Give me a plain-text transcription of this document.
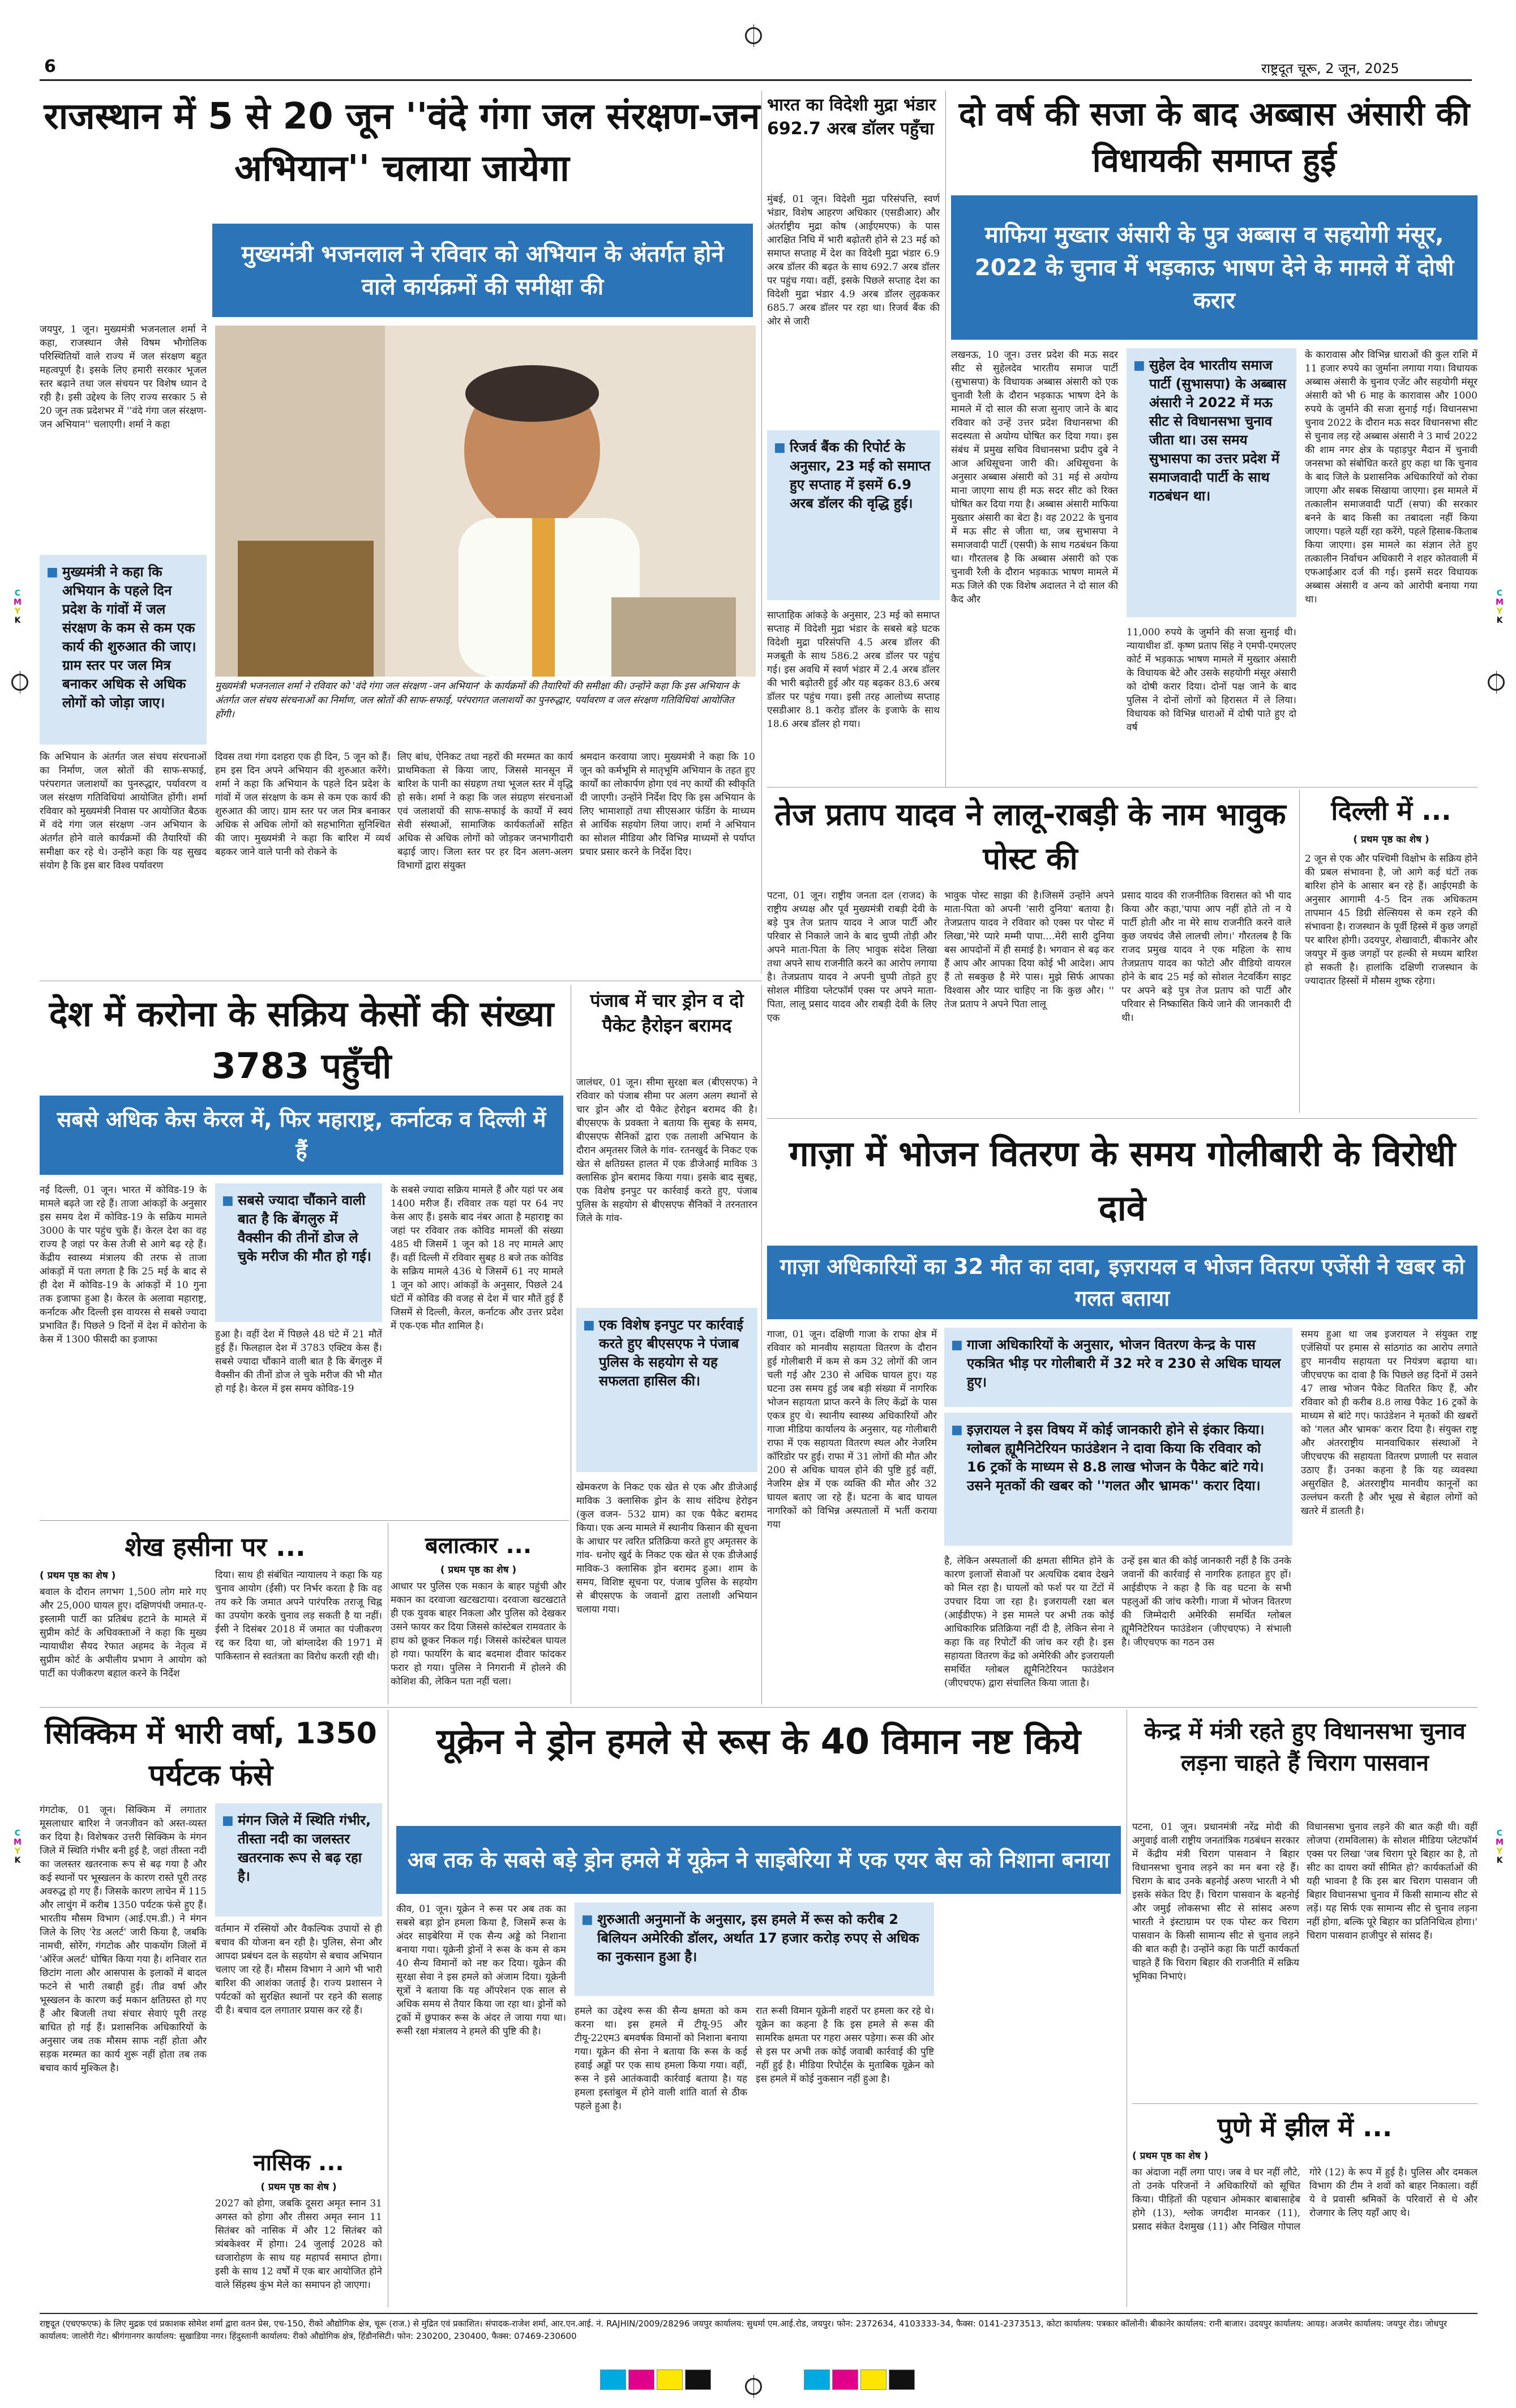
6	राष्ट्रदूत चूरू, 2 जून, 2025
C
M
Y
K
C
M
Y
K
C
M
Y
K
C
M
Y
K
राजस्थान में 5 से 20 जून ''वंदे गंगा जल संरक्षण-जन अभियान'' चलाया जायेगा
मुख्यमंत्री भजनलाल ने रविवार को अभियान के अंतर्गत होने वाले कार्यक्रमों की समीक्षा की
जयपुर, 1 जून। मुख्यमंत्री भजनलाल शर्मा ने कहा, राजस्थान जैसे विषम भौगोलिक परिस्थितियों वाले राज्य में जल संरक्षण बहुत महत्वपूर्ण है। इसके लिए हमारी सरकार भूजल स्तर बढ़ाने तथा जल संचयन पर विशेष ध्यान दे रही है। इसी उद्देश्य के लिए राज्य सरकार 5 से 20 जून तक प्रदेशभर में ''वंदे गंगा जल संरक्षण-जन अभियान'' चलाएगी। शर्मा ने कहा
■ मुख्यमंत्री ने कहा कि अभियान के पहले दिन प्रदेश के गांवों में जल संरक्षण के कम से कम एक कार्य की शुरुआत की जाए। ग्राम स्तर पर जल मित्र बनाकर अधिक से अधिक लोगों को जोड़ा जाए।
मुख्यमंत्री भजनलाल शर्मा ने रविवार को 'वंदे गंगा जल संरक्षण -जन अभियान' के कार्यक्रमों की तैयारियों की समीक्षा की। उन्होंने कहा कि इस अभियान के अंतर्गत जल संचय संरचनाओं का निर्माण, जल स्रोतों की साफ-सफाई, परंपरागत जलाशयों का पुनरुद्धार, पर्यावरण व जल संरक्षण गतिविधियां आयोजित होंगी।
कि अभियान के अंतर्गत जल संचय संरचनाओं का निर्माण, जल स्रोतों की साफ-सफाई, परंपरागत जलाशयों का पुनरुद्धार, पर्यावरण व जल संरक्षण गतिविधियां आयोजित होंगी। शर्मा रविवार को मुख्यमंत्री निवास पर आयोजित बैठक में वंदे गंगा जल संरक्षण -जन अभियान के अंतर्गत होने वाले कार्यक्रमों की तैयारियों की समीक्षा कर रहे थे। उन्होंने कहा कि यह सुखद संयोग है कि इस बार विश्व पर्यावरण
दिवस तथा गंगा दशहरा एक ही दिन, 5 जून को हैं। हम इस दिन अपने अभियान की शुरुआत करेंगे। शर्मा ने कहा कि अभियान के पहले दिन प्रदेश के गांवों में जल संरक्षण के कम से कम एक कार्य की शुरुआत की जाए। ग्राम स्तर पर जल मित्र बनाकर अधिक से अधिक लोगों को सहभागिता सुनिश्चित की जाए। मुख्यमंत्री ने कहा कि बारिश में व्यर्थ बहकर जाने वाले पानी को रोकने के
लिए बांध, ऐनिकट तथा नहरों की मरम्मत का कार्य प्राथमिकता से किया जाए, जिससे मानसून में बारिश के पानी का संग्रहण तथा भूजल स्तर में वृद्धि हो सके। शर्मा ने कहा कि जल संग्रहण संरचनाओं एवं जलाशयों की साफ-सफाई के कार्यों में स्वयं सेवी संस्थाओं, सामाजिक कार्यकर्ताओं सहित अधिक से अधिक लोगों को जोड़कर जनभागीदारी बढ़ाई जाए। जिला स्तर पर हर दिन अलग-अलग विभागों द्वारा संयुक्त
श्रमदान करवाया जाए। मुख्यमंत्री ने कहा कि 10 जून को कर्मभूमि से मातृभूमि अभियान के तहत हुए कार्यों का लोकार्पण होगा एवं नए कार्यों की स्वीकृति दी जाएगी। उन्होंने निर्देश दिए कि इस अभियान के लिए भामाशाहों तथा सीएसआर फंडिंग के माध्यम से आर्थिक सहयोग लिया जाए। शर्मा ने अभियान का सोशल मीडिया और विभिन्न माध्यमों से पर्याप्त प्रचार प्रसार करने के निर्देश दिए।
भारत का विदेशी मुद्रा भंडार 692.7 अरब डॉलर पहुँचा
मुंबई, 01 जून। विदेशी मुद्रा परिसंपत्ति, स्वर्ण भंडार, विशेष आहरण अधिकार (एसडीआर) और अंतर्राष्ट्रीय मुद्रा कोष (आईएमएफ) के पास आरक्षित निधि में भारी बढ़ोतरी होने से 23 मई को समाप्त सप्ताह में देश का विदेशी मुद्रा भंडार 6.9 अरब डॉलर की बढ़त के साथ 692.7 अरब डॉलर पर पहुंच गया। वहीं, इसके पिछले सप्ताह देश का विदेशी मुद्रा भंडार 4.9 अरब डॉलर लुढ़ककर 685.7 अरब डॉलर पर रहा था। रिजर्व बैंक की ओर से जारी
■ रिजर्व बैंक की रिपोर्ट के अनुसार, 23 मई को समाप्त हुए सप्ताह में इसमें 6.9 अरब डॉलर की वृद्धि हुई।
साप्ताहिक आंकड़े के अनुसार, 23 मई को समाप्त सप्ताह में विदेशी मुद्रा भंडार के सबसे बड़े घटक विदेशी मुद्रा परिसंपत्ति 4.5 अरब डॉलर की मजबूती के साथ 586.2 अरब डॉलर पर पहुंच गई। इस अवधि में स्वर्ण भंडार में 2.4 अरब डॉलर की भारी बढ़ोतरी हुई और यह बढ़कर 83.6 अरब डॉलर पर पहुंच गया। इसी तरह आलोच्य सप्ताह एसडीआर 8.1 करोड़ डॉलर के इजाफे के साथ 18.6 अरब डॉलर हो गया।
दो वर्ष की सजा के बाद अब्बास अंसारी की विधायकी समाप्त हुई
माफिया मुख्तार अंसारी के पुत्र अब्बास व सहयोगी मंसूर, 2022 के चुनाव में भड़काऊ भाषण देने के मामले में दोषी करार
लखनऊ, 10 जून। उत्तर प्रदेश की मऊ सदर सीट से सुहेलदेव भारतीय समाज पार्टी (सुभासपा) के विधायक अब्बास अंसारी को एक चुनावी रैली के दौरान भड़काऊ भाषण देने के मामले में दो साल की सजा सुनाए जाने के बाद रविवार को उन्हें उत्तर प्रदेश विधानसभा की सदस्यता से अयोग्य घोषित कर दिया गया। इस संबंध में प्रमुख सचिव विधानसभा प्रदीप दुबे ने आज अधिसूचना जारी की। अधिसूचना के अनुसार अब्बास अंसारी को 31 मई से अयोग्य माना जाएगा साथ ही मऊ सदर सीट को रिक्त घोषित कर दिया गया है। अब्बास अंसारी माफिया मुख्तार अंसारी का बेटा है। वह 2022 के चुनाव में मऊ सीट से जीता था, जब सुभासपा ने समाजवादी पार्टी (एसपी) के साथ गठबंधन किया था। गौरतलब है कि अब्बास अंसारी को एक चुनावी रैली के दौरान भड़काऊ भाषण मामले में मऊ जिले की एक विशेष अदालत ने दो साल की कैद और
■ सुहेल देव भारतीय समाज पार्टी (सुभासपा) के अब्बास अंसारी ने 2022 में मऊ सीट से विधानसभा चुनाव जीता था। उस समय सुभासपा का उत्तर प्रदेश में समाजवादी पार्टी के साथ गठबंधन था।
11,000 रुपये के जुर्माने की सजा सुनाई थी। न्यायाधीश डॉ. कृष्ण प्रताप सिंह ने एमपी-एमएलए कोर्ट में भड़काऊ भाषण मामले में मुख्तार अंसारी के विधायक बेटे और उसके सहयोगी मंसूर अंसारी को दोषी करार दिया। दोनों पक्ष जाने के बाद पुलिस ने दोनों लोगों को हिरासत में ले लिया। विधायक को विभिन्न धाराओं में दोषी पाते हुए दो वर्ष
के कारावास और विभिन्न धाराओं की कुल राशि में 11 हजार रुपये का जुर्माना लगाया गया। विधायक अब्बास अंसारी के चुनाव एजेंट और सहयोगी मंसूर अंसारी को भी 6 माह के कारावास और 1000 रुपये के जुर्माने की सजा सुनाई गई। विधानसभा चुनाव 2022 के दौरान मऊ सदर विधानसभा सीट से चुनाव लड़ रहे अब्बास अंसारी ने 3 मार्च 2022 की शाम नगर क्षेत्र के पहाड़पुर मैदान में चुनावी जनसभा को संबोधित करते हुए कहा था कि चुनाव के बाद जिले के प्रशासनिक अधिकारियों को रोका जाएगा और सबक सिखाया जाएगा। इस मामले में तत्कालीन समाजवादी पार्टी (सपा) की सरकार बनने के बाद किसी का तबादला नहीं किया जाएगा। पहले यहीं रहा करेंगे, पहले हिसाब-किताब किया जाएगा। इस मामले का संज्ञान लेते हुए तत्कालीन निर्वाचन अधिकारी ने शहर कोतवाली में एफआईआर दर्ज की गई। इसमें सदर विधायक अब्बास अंसारी व अन्य को आरोपी बनाया गया था।
तेज प्रताप यादव ने लालू-राबड़ी के नाम भावुक पोस्ट की
पटना, 01 जून। राष्ट्रीय जनता दल (राजद) के राष्ट्रीय अध्यक्ष और पूर्व मुख्यमंत्री राबड़ी देवी के बड़े पुत्र तेज प्रताप यादव ने आज पार्टी और परिवार से निकाले जाने के बाद चुप्पी तोड़ी और अपने माता-पिता के लिए भावुक संदेश लिखा तथा अपने साथ राजनीति करने का आरोप लगाया है। तेजप्रताप यादव ने अपनी चुप्पी तोड़ते हुए सोशल मीडिया प्लेटफॉर्म एक्स पर अपने माता-पिता, लालू प्रसाद यादव और राबड़ी देवी के लिए एक
भावुक पोस्ट साझा की है।जिसमें उन्होंने अपने माता-पिता को अपनी 'सारी दुनिया' बताया है। तेजप्रताप यादव ने रविवार को एक्स पर पोस्ट में लिखा,'मेरे प्यारे मम्मी पापा....मेरी सारी दुनिया बस आपदोनों में ही समाई है। भगवान से बढ़ कर हैं आप और आपका दिया कोई भी आदेश। आप हैं तो सबकुछ है मेरे पास। मुझे सिर्फ आपका विश्वास और प्यार चाहिए ना कि कुछ और। '' तेज प्रताप ने अपने पिता लालू
प्रसाद यादव की राजनीतिक विरासत को भी याद किया और कहा,'पापा आप नहीं होते तो न ये पार्टी होती और ना मेरे साथ राजनीति करने वाले कुछ जयचंद जैसे लालची लोग।' गौरतलब है कि राजद प्रमुख यादव ने एक महिला के साथ तेजप्रताप यादव का फोटो और वीडियो वायरल होने के बाद 25 मई को सोशल नेटवर्किंग साइट पर अपने बड़े पुत्र तेज प्रताप को पार्टी और परिवार से निष्कासित किये जाने की जानकारी दी थी।
दिल्ली में ...
( प्रथम पृष्ठ का शेष )
2 जून से एक और पश्चिमी विक्षोभ के सक्रिय होने की प्रबल संभावना है, जो आगे कई घंटों तक बारिश होने के आसार बन रहे हैं। आईएमडी के अनुसार आगामी 4-5 दिन तक अधिकतम तापमान 45 डिग्री सेल्सियस से कम रहने की संभावना है। राजस्थान के पूर्वी हिस्से में कुछ जगहों पर बारिश होगी। उदयपुर, शेखावाटी, बीकानेर और जयपुर में कुछ जगहों पर हल्की से मध्यम बारिश हो सकती है। हालांकि दक्षिणी राजस्थान के ज्यादातर हिस्सों में मौसम शुष्क रहेगा।
देश में करोना के सक्रिय केसों की संख्या 3783 पहुँची
सबसे अधिक केस केरल में, फिर महाराष्ट्र, कर्नाटक व दिल्ली में हैं
नई दिल्ली, 01 जून। भारत में कोविड-19 के मामले बढ़ते जा रहे हैं। ताजा आंकड़ों के अनुसार इस समय देश में कोविड-19 के सक्रिय मामले 3000 के पार पहुंच चुके हैं। केरल देश का वह राज्य है जहां पर केस तेजी से आगे बढ़ रहे हैं। केंद्रीय स्वास्थ्य मंत्रालय की तरफ से ताजा आंकड़ों में पता लगता है कि 25 मई के बाद से ही देश में कोविड-19 के आंकड़ों में 10 गुना तक इजाफा हुआ है। केरल के अलावा महाराष्ट्र, कर्नाटक और दिल्ली इस वायरस से सबसे ज्यादा प्रभावित हैं। पिछले 9 दिनों में देश में कोरोना के केस में 1300 फीसदी का इजाफा
■ सबसे ज्यादा चौंकाने वाली बात है कि बेंगलुरु में वैक्सीन की तीनों डोज ले चुके मरीज की मौत हो गई।
हुआ है। वहीं देश में पिछले 48 घंटे में 21 मौतें हुई हैं। फिलहाल देश में 3783 एक्टिव केस हैं। सबसे ज्यादा चौंकाने वाली बात है कि बेंगलुरु में वैक्सीन की तीनों डोज ले चुके मरीज की भी मौत हो गई है। केरल में इस समय कोविड-19
के सबसे ज्यादा सक्रिय मामले हैं और यहां पर अब 1400 मरीज हैं। रविवार तक यहां पर 64 नए केस आए हैं। इसके बाद नंबर आता है महाराष्ट्र का जहां पर रविवार तक कोविड मामलों की संख्या 485 थी जिसमें 1 जून को 18 नए मामले आए हैं। वहीं दिल्ली में रविवार सुबह 8 बजे तक कोविड के सक्रिय मामले 436 थे जिसमें 61 नए मामले 1 जून को आए। आंकड़ों के अनुसार, पिछले 24 घंटों में कोविड की वजह से देश में चार मौतें हुई हैं जिसमें से दिल्ली, केरल, कर्नाटक और उत्तर प्रदेश में एक-एक मौत शामिल है।
पंजाब में चार ड्रोन व दो पैकेट हैरोइन बरामद
जालंधर, 01 जून। सीमा सुरक्षा बल (बीएसएफ) ने रविवार को पंजाब सीमा पर अलग अलग स्थानों से चार ड्रोन और दो पैकेट हेरोइन बरामद की है। बीएसएफ के प्रवक्ता ने बताया कि सुबह के समय, बीएसएफ सैनिकों द्वारा एक तलाशी अभियान के दौरान अमृतसर जिले के गांव- रतनखुर्द के निकट एक खेत से क्षतिग्रस्त हालत में एक डीजेआई माविक 3 क्लासिक ड्रोन बरामद किया गया। इसके बाद सुबह, एक विशेष इनपुट पर कार्रवाई करते हुए, पंजाब पुलिस के सहयोग से बीएसएफ सैनिकों ने तरनतारन जिले के गांव-
■ एक विशेष इनपुट पर कार्रवाई करते हुए बीएसएफ ने पंजाब पुलिस के सहयोग से यह सफलता हासिल की।
खेमकरण के निकट एक खेत से एक और डीजेआई माविक 3 क्लासिक ड्रोन के साथ संदिग्ध हेरोइन (कुल वजन- 532 ग्राम) का एक पैकेट बरामद किया। एक अन्य मामले में स्थानीय किसान की सूचना के आधार पर त्वरित प्रतिक्रिया करते हुए अमृतसर के गांव- धनोए खुर्द के निकट एक खेत से एक डीजेआई माविक-3 क्लासिक ड्रोन बरामद हुआ। शाम के समय, विशिष्ट सूचना पर, पंजाब पुलिस के सहयोग से बीएसएफ के जवानों द्वारा तलाशी अभियान चलाया गया।
गाज़ा में भोजन वितरण के समय गोलीबारी के विरोधी दावे
गाज़ा अधिकारियों का 32 मौत का दावा, इज़रायल व भोजन वितरण एजेंसी ने खबर को गलत बताया
गाजा, 01 जून। दक्षिणी गाजा के राफा क्षेत्र में रविवार को मानवीय सहायता वितरण के दौरान हुई गोलीबारी में कम से कम 32 लोगों की जान चली गई और 230 से अधिक घायल हुए। यह घटना उस समय हुई जब बड़ी संख्या में नागरिक भोजन सहायता प्राप्त करने के लिए केंद्रों के पास एकत्र हुए थे। स्थानीय स्वास्थ्य अधिकारियों और गाजा मीडिया कार्यालय के अनुसार, यह गोलीबारी राफा में एक सहायता वितरण स्थल और नेजरिम कॉरिडोर पर हुई। राफा में 31 लोगों की मौत और 200 से अधिक घायल होने की पुष्टि हुई वहीं, नेजरिम क्षेत्र में एक व्यक्ति की मौत और 32 घायल बताए जा रहे हैं। घटना के बाद घायल नागरिकों को विभिन्न अस्पतालों में भर्ती कराया गया
■ गाजा अधिकारियों के अनुसार, भोजन वितरण केन्द्र के पास एकत्रित भीड़ पर गोलीबारी में 32 मरे व 230 से अधिक घायल हुए।
■ इज़रायल ने इस विषय में कोई जानकारी होने से इंकार किया। ग्लोबल ह्यूमैनिटेरियन फाउंडेशन ने दावा किया कि रविवार को 16 ट्रकों के माध्यम से 8.8 लाख भोजन के पैकेट बांटे गये। उसने मृतकों की खबर को ''गलत और भ्रामक'' करार दिया।
है, लेकिन अस्पतालों की क्षमता सीमित होने के कारण इलाजों सेवाओं पर अत्यधिक दबाव देखने को मिल रहा है। घायलों को फर्श पर या टेंटों में उपचार दिया जा रहा है। इजरायली रक्षा बल (आईडीएफ) ने इस मामले पर अभी तक कोई आधिकारिक प्रतिक्रिया नहीं दी है, लेकिन सेना ने कहा कि वह रिपोर्टों की जांच कर रही है। इस सहायता वितरण केंद्र को अमेरिकी और इजरायली समर्थित ग्लोबल ह्यूमैनिटेरियन फाउंडेशन (जीएचएफ) द्वारा संचालित किया जाता है।
उन्हें इस बात की कोई जानकारी नहीं है कि उनके जवानों की कार्रवाई से नागरिक हताहत हुए हों। आईडीएफ ने कहा है कि वह घटना के सभी पहलुओं की जांच करेगी। गाजा में भोजन वितरण की जिम्मेदारी अमेरिकी समर्थित ग्लोबल ह्यूमैनिटेरियन फाउंडेशन (जीएचएफ) ने संभाली है। जीएचएफ का गठन उस
समय हुआ था जब इजरायल ने संयुक्त राष्ट्र एजेंसियों पर हमास से सांठगांठ का आरोप लगाते हुए मानवीय सहायता पर नियंत्रण बढ़ाया था। जीएचएफ का दावा है कि पिछले छह दिनों में उसने 47 लाख भोजन पैकेट वितरित किए हैं, और रविवार को ही करीब 8.8 लाख पैकेट 16 ट्रकों के माध्यम से बांटे गए। फाउंडेशन ने मृतकों की खबरों को 'गलत और भ्रामक' करार दिया है। संयुक्त राष्ट्र और अंतरराष्ट्रीय मानवाधिकार संस्थाओं ने जीएचएफ की सहायता वितरण प्रणाली पर सवाल उठाए हैं। उनका कहना है कि यह व्यवस्था असुरक्षित है, अंतरराष्ट्रीय मानवीय कानूनों का उल्लंघन करती है और भूख से बेहाल लोगों को खतरे में डालती है।
शेख हसीना पर ...
( प्रथम पृष्ठ का शेष )
बवाल के दौरान लगभग 1,500 लोग मारे गए और 25,000 घायल हुए। दक्षिणपंथी जमात-ए-इस्लामी पार्टी का प्रतिबंध हटाने के मामले में सुप्रीम कोर्ट के अधिवक्ताओं ने कहा कि मुख्य न्यायाधीश सैयद रेफात अहमद के नेतृत्व में सुप्रीम कोर्ट के अपीलीय प्रभाग ने आयोग को पार्टी का पंजीकरण बहाल करने के निर्देश
दिया। साथ ही संबंधित न्यायालय ने कहा कि यह चुनाव आयोग (ईसी) पर निर्भर करता है कि वह तय करे कि जमात अपने पारंपरिक तराजू चिह्न का उपयोग करके चुनाव लड़ सकती है या नहीं। ईसी ने दिसंबर 2018 में जमात का पंजीकरण रद्द कर दिया था, जो बांग्लादेश की 1971 में पाकिस्तान से स्वतंत्रता का विरोध करती रही थी।
बलात्कार ...
( प्रथम पृष्ठ का शेष )
आधार पर पुलिस एक मकान के बाहर पहुंची और मकान का दरवाजा खटखटाया। दरवाजा खटखटाते ही एक युवक बाहर निकला और पुलिस को देखकर उसने फायर कर दिया जिससे कांस्टेबल रामवतार के हाथ को छूकर निकल गई। जिससे कांस्टेबल घायल हो गया। फायरिंग के बाद बदमाश दीवार फांदकर फरार हो गया। पुलिस ने निगरानी में होलने की कोशिश की, लेकिन पता नहीं चला।
सिक्किम में भारी वर्षा, 1350 पर्यटक फंसे
गंगटोक, 01 जून। सिक्किम में लगातार मूसलाधार बारिश ने जनजीवन को अस्त-व्यस्त कर दिया है। विशेषकर उत्तरी सिक्किम के मंगन जिले में स्थिति गंभीर बनी हुई है, जहां तीस्ता नदी का जलस्तर खतरनाक रूप से बढ़ गया है और कई स्थानों पर भूस्खलन के कारण रास्ते पूरी तरह अवरुद्ध हो गए हैं। जिसके कारण लाचेन में 115 और लाचुंग में करीब 1350 पर्यटक फंसे हुए हैं। भारतीय मौसम विभाग (आई.एम.डी.) ने मंगन जिले के लिए 'रेड अलर्ट' जारी किया है, जबकि नामची, सोरेंग, गंगटोक और पाकयोंग जिलों में 'ऑरेंज अलर्ट' घोषित किया गया है। शनिवार रात छिटांग नाला और आसपास के इलाकों में बादल फटने से भारी तबाही हुई। तीव्र वर्षा और भूस्खलन के कारण कई मकान क्षतिग्रस्त हो गए हैं और बिजली तथा संचार सेवाएं पूरी तरह बाधित हो गई हैं। प्रशासनिक अधिकारियों के अनुसार जब तक मौसम साफ नहीं होता और सड़क मरम्मत का कार्य शुरू नहीं होता तब तक बचाव कार्य मुश्किल है।
■ मंगन जिले में स्थिति गंभीर, तीस्ता नदी का जलस्तर खतरनाक रूप से बढ़ रहा है।
वर्तमान में रस्सियों और वैकल्पिक उपायों से ही बचाव की योजना बन रही है। पुलिस, सेना और आपदा प्रबंधन दल के सहयोग से बचाव अभियान चलाए जा रहे हैं। मौसम विभाग ने आगे भी भारी बारिश की आशंका जताई है। राज्य प्रशासन ने पर्यटकों को सुरक्षित स्थानों पर रहने की सलाह दी है। बचाव दल लगातार प्रयास कर रहे हैं।
नासिक ...
( प्रथम पृष्ठ का शेष )
2027 को होगा, जबकि दूसरा अमृत स्नान 31 अगस्त को होगा और तीसरा अमृत स्नान 11 सितंबर को नासिक में और 12 सितंबर को त्र्यंबकेश्वर में होगा। 24 जुलाई 2028 को ध्वजारोहण के साथ यह महापर्व समाप्त होगा। इसी के साथ 12 वर्षों में एक बार आयोजित होने वाले सिंहस्थ कुंभ मेले का समापन हो जाएगा।
यूक्रेन ने ड्रोन हमले से रूस के 40 विमान नष्ट किये
अब तक के सबसे बड़े ड्रोन हमले में यूक्रेन ने साइबेरिया में एक एयर बेस को निशाना बनाया
कीव, 01 जून। यूक्रेन ने रूस पर अब तक का सबसे बड़ा ड्रोन हमला किया है, जिसमें रूस के अंदर साइबेरिया में एक सैन्य अड्डे को निशाना बनाया गया। यूक्रेनी ड्रोनों ने रूस के कम से कम 40 सैन्य विमानों को नष्ट कर दिया। यूक्रेन की सुरक्षा सेवा ने इस हमले को अंजाम दिया। यूक्रेनी सूत्रों ने बताया कि यह ऑपरेशन एक साल से अधिक समय से तैयार किया जा रहा था। ड्रोनों को ट्रकों में छुपाकर रूस के अंदर ले जाया गया था। रूसी रक्षा मंत्रालय ने हमले की पुष्टि की है।
■ शुरुआती अनुमानों के अनुसार, इस हमले में रूस को करीब 2 बिलियन अमेरिकी डॉलर, अर्थात 17 हजार करोड़ रुपए से अधिक का नुकसान हुआ है।
हमले का उद्देश्य रूस की सैन्य क्षमता को कम करना था। इस हमले में टीयू-95 और टीयू-22एम3 बमवर्षक विमानों को निशाना बनाया गया। यूक्रेन की सेना ने बताया कि रूस के कई हवाई अड्डों पर एक साथ हमला किया गया। वहीं, रूस ने इसे आतंकवादी कार्रवाई बताया है। यह हमला इस्तांबुल में होने वाली शांति वार्ता से ठीक पहले हुआ है।
रात रूसी विमान यूक्रेनी शहरों पर हमला कर रहे थे। यूक्रेन का कहना है कि इस हमले से रूस की सामरिक क्षमता पर गहरा असर पड़ेगा। रूस की ओर से इस पर अभी तक कोई जवाबी कार्रवाई की पुष्टि नहीं हुई है। मीडिया रिपोर्ट्स के मुताबिक यूक्रेन को इस हमले में कोई नुकसान नहीं हुआ है।
केन्द्र में मंत्री रहते हुए विधानसभा चुनाव लड़ना चाहते हैं चिराग पासवान
पटना, 01 जून। प्रधानमंत्री नरेंद्र मोदी की अगुवाई वाली राष्ट्रीय जनतांत्रिक गठबंधन सरकार में केंद्रीय मंत्री चिराग पासवान ने बिहार विधानसभा चुनाव लड़ने का मन बना रहे हैं। चिराग के बाद उनके बहनोई अरुण भारती ने भी इसके संकेत दिए हैं। चिराग पासवान के बहनोई और जमुई लोकसभा सीट से सांसद अरुण भारती ने इंस्टाग्राम पर एक पोस्ट कर चिराग पासवान के किसी सामान्य सीट से चुनाव लड़ने की बात कही है। उन्होंने कहा कि पार्टी कार्यकर्ता चाहते हैं कि चिराग बिहार की राजनीति में सक्रिय भूमिका निभाएं।
विधानसभा चुनाव लड़ने की बात कही थी। वहीं लोजपा (रामविलास) के सोशल मीडिया प्लेटफॉर्म एक्स पर लिखा 'जब चिराग पूरे बिहार का है, तो सीट का दायरा क्यों सीमित हो? कार्यकर्ताओं की यही भावना है कि इस बार चिराग पासवान जी बिहार विधानसभा चुनाव में किसी सामान्य सीट से लड़ें। यह सिर्फ एक सामान्य सीट से चुनाव लड़ना नहीं होगा, बल्कि पूरे बिहार का प्रतिनिधित्व होगा।' चिराग पासवान हाजीपुर से सांसद हैं।
पुणे में झील में ...
( प्रथम पृष्ठ का शेष )
का अंदाजा नहीं लगा पाए। जब वे घर नहीं लौटे, तो उनके परिजनों ने अधिकारियों को सूचित किया। पीड़ितों की पहचान ओमकार बाबासाहेब होगे (13), श्लोक जगदीश मानकर (11), प्रसाद संकेत देशमुख (11) और निखिल गोपाल गोरे (12) के रूप में हुई है। पुलिस और दमकल विभाग की टीम ने शवों को बाहर निकाला। वहीं ये वे प्रवासी श्रमिकों के परिवारों से थे और रोजगार के लिए यहाँ आए थे।
राष्ट्रदूत (एचएफएफ) के लिए मुद्रक एवं प्रकाशक सोमेश शर्मा द्वारा वतन प्रेस, एच-150, रीको औद्योगिक क्षेत्र, चूरू (राज.) से मुद्रित एवं प्रकाशित। संपादक-राजेश शर्मा, आर.एन.आई. नं. RAJHIN/2009/28296 जयपुर कार्यालय: सुधर्मा एम.आई.रोड, जयपुर। फोन: 2372634, 4103333-34, फैक्स: 0141-2373513, कोटा कार्यालय: पत्रकार कॉलोनी। बीकानेर कार्यालय: रानी बाजार। उदयपुर कार्यालय: आयड़। अजमेर कार्यालय: जयपुर रोड। जोधपुर कार्यालय: जालोरी गेट। श्रीगंगानगर कार्यालय: सुखाडिया नगर। हिंदुस्तानी कार्यालय: रीको औद्योगिक क्षेत्र, हिंडौनसिटी। फोन: 230200, 230400, फैक्स: 07469-230600
